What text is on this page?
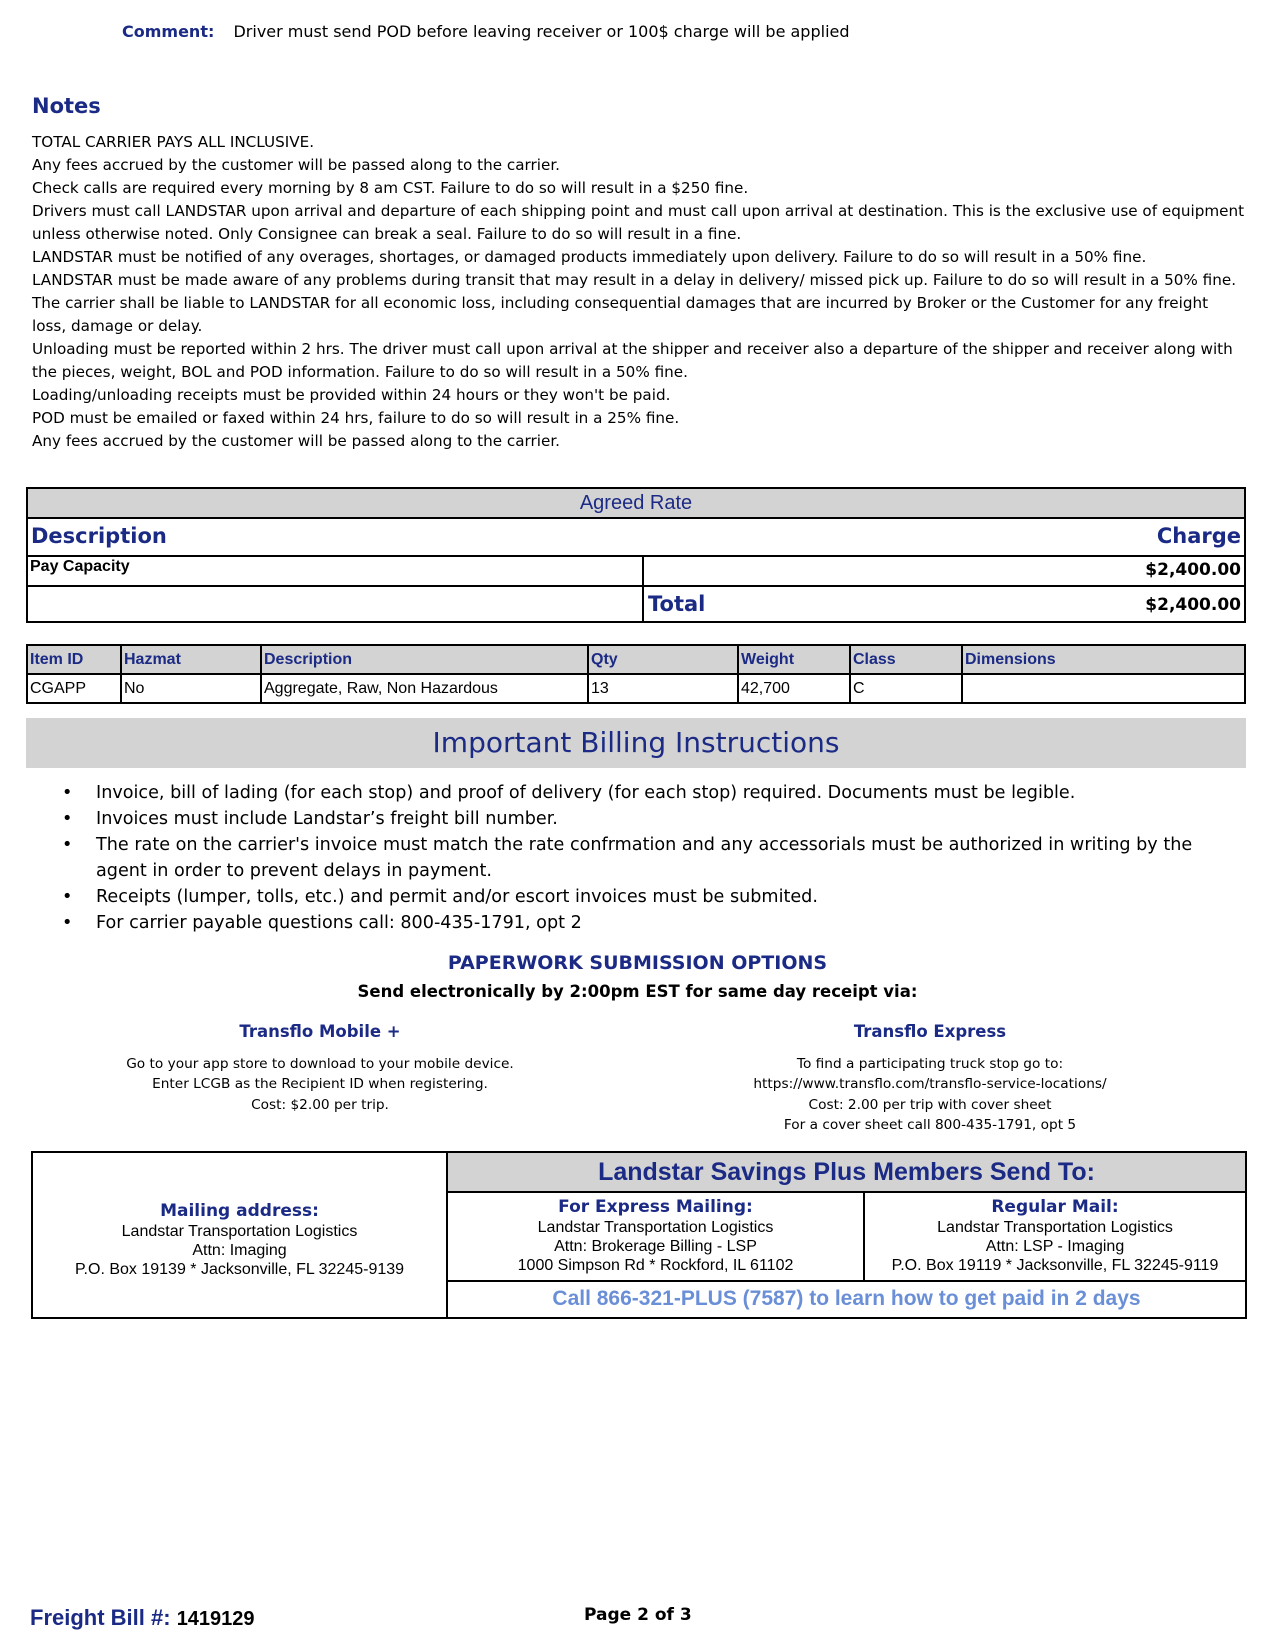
Comment: Driver must send POD before leaving receiver or 100$ charge will be applied
Notes
TOTAL CARRIER PAYS ALL INCLUSIVE.
Any fees accrued by the customer will be passed along to the carrier.
Check calls are required every morning by 8 am CST. Failure to do so will result in a $250 fine.
Drivers must call LANDSTAR upon arrival and departure of each shipping point and must call upon arrival at destination. This is the exclusive use of equipment unless otherwise noted. Only Consignee can break a seal. Failure to do so will result in a fine.
LANDSTAR must be notified of any overages, shortages, or damaged products immediately upon delivery. Failure to do so will result in a 50% fine.
LANDSTAR must be made aware of any problems during transit that may result in a delay in delivery/ missed pick up. Failure to do so will result in a 50% fine.
The carrier shall be liable to LANDSTAR for all economic loss, including consequential damages that are incurred by Broker or the Customer for any freight loss, damage or delay.
Unloading must be reported within 2 hrs. The driver must call upon arrival at the shipper and receiver also a departure of the shipper and receiver along with the pieces, weight, BOL and POD information. Failure to do so will result in a 50% fine.
Loading/unloading receipts must be provided within 24 hours or they won't be paid.
POD must be emailed or faxed within 24 hrs, failure to do so will result in a 25% fine.
Any fees accrued by the customer will be passed along to the carrier.
Agreed Rate
Description	Charge
Pay Capacity	$2,400.00
Total	$2,400.00
Item ID	Hazmat	Description	Qty	Weight	Class	Dimensions
CGAPP	No	Aggregate, Raw, Non Hazardous	13	42,700	C	
Important Billing Instructions
•	Invoice, bill of lading (for each stop) and proof of delivery (for each stop) required. Documents must be legible.
•	Invoices must include Landstar’s freight bill number.
•	The rate on the carrier's invoice must match the rate confrmation and any accessorials must be authorized in writing by the agent in order to prevent delays in payment.
•	Receipts (lumper, tolls, etc.) and permit and/or escort invoices must be submited.
•	For carrier payable questions call: 800-435-1791, opt 2
PAPERWORK SUBMISSION OPTIONS
Send electronically by 2:00pm EST for same day receipt via:
Transflo Mobile +
Go to your app store to download to your mobile device.
Enter LCGB as the Recipient ID when registering.
Cost: $2.00 per trip.
Transflo Express
To find a participating truck stop go to:
https://www.transflo.com/transflo-service-locations/
Cost: 2.00 per trip with cover sheet
For a cover sheet call 800-435-1791, opt 5
Mailing address:
Landstar Transportation Logistics
Attn: Imaging
P.O. Box 19139 * Jacksonville, FL 32245-9139
Landstar Savings Plus Members Send To:
For Express Mailing:
Landstar Transportation Logistics
Attn: Brokerage Billing - LSP
1000 Simpson Rd * Rockford, IL 61102
Regular Mail:
Landstar Transportation Logistics
Attn: LSP - Imaging
P.O. Box 19119 * Jacksonville, FL 32245-9119
Call 866-321-PLUS (7587) to learn how to get paid in 2 days
Freight Bill #: 1419129	Page 2 of 3
